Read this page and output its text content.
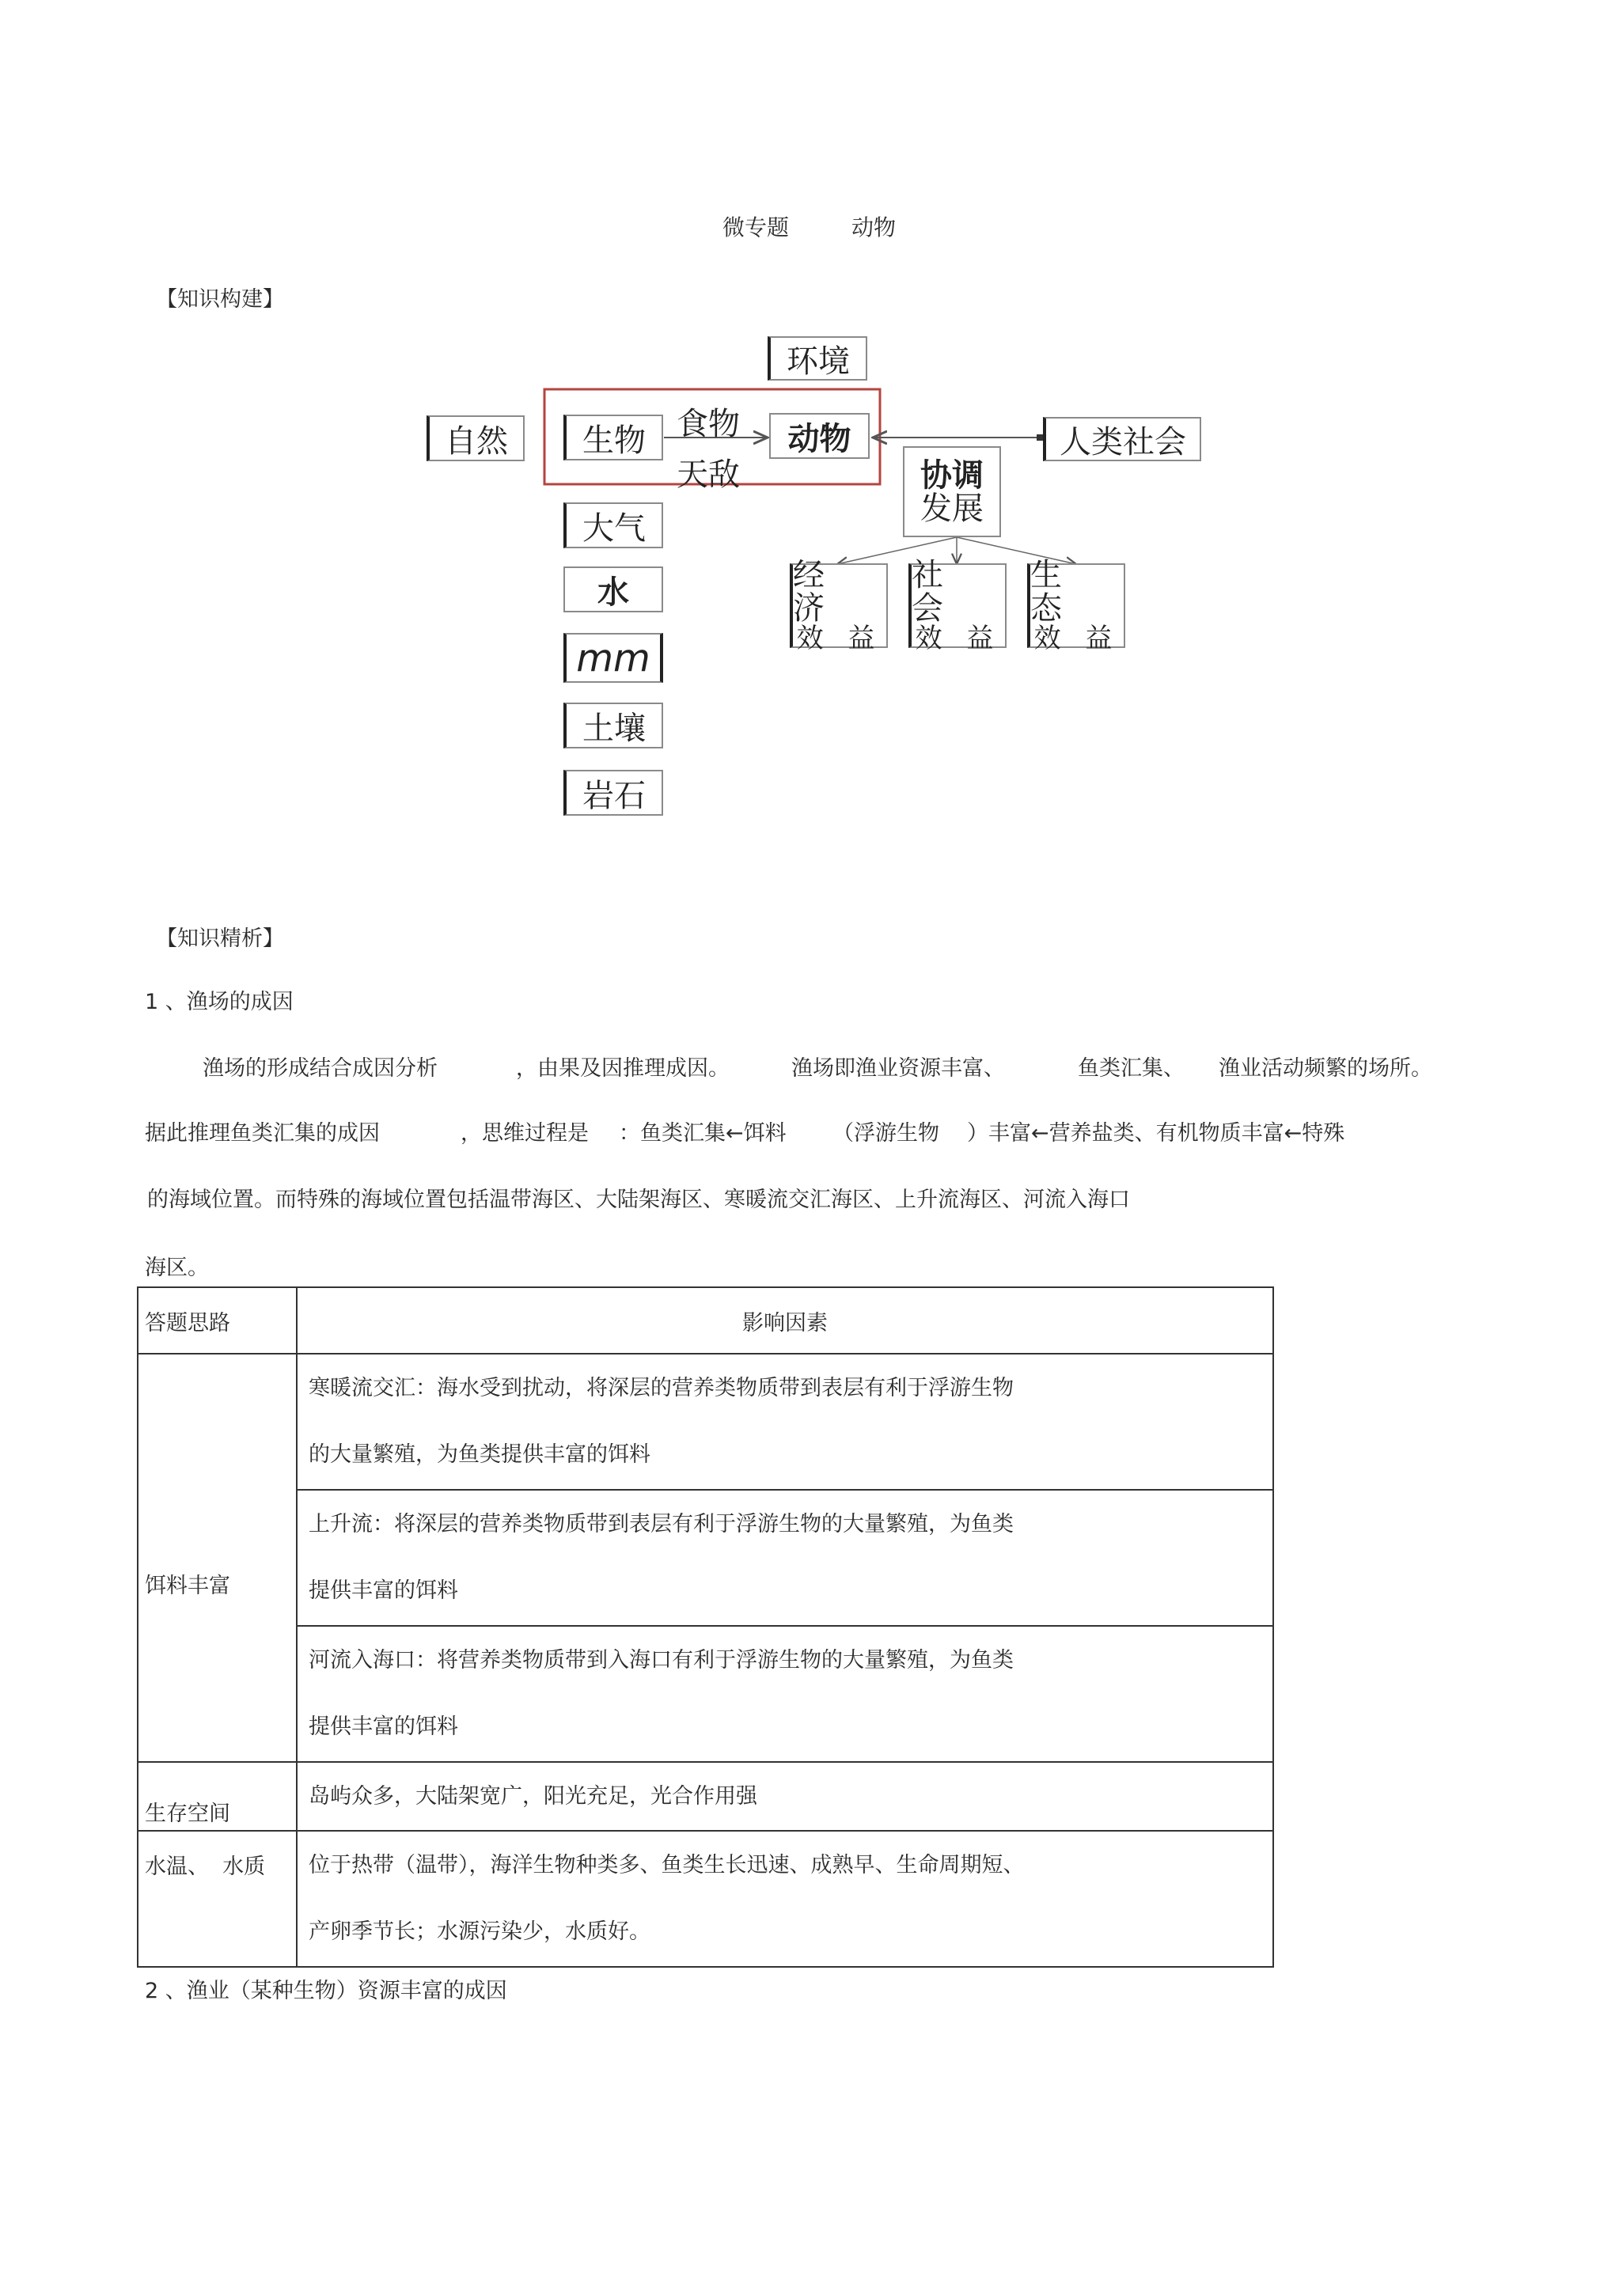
微专题	动物
【知识构建】
自然
环境
生物 食物
天敌
动物	人类社会
协调
发展
大气
水
mm
土壤
岩石
经 济
效 益
社 会
效 益
生 态
效 益
【知识精析】
1 、渔场的成因
渔场的形成结合成因分析	，由果及因推理成因。	渔场即渔业资源丰富、	鱼类汇集、 渔业活动频繁的场所。
据此推理鱼类汇集的成因	，思维过程是 ：鱼类汇集←饵料 （浮游生物 ）丰富←营养盐类、有机物质丰富←特殊
的海域位置。而特殊的海域位置包括温带海区、大陆架海区、寒暖流交汇海区、上升流海区、河流入海口
海区。
答题思路	影响因素
饵料丰富	寒暖流交汇：海水受到扰动，将深层的营养类物质带到表层有利于浮游生物
的大量繁殖，为鱼类提供丰富的饵料

	上升流：将深层的营养类物质带到表层有利于浮游生物的大量繁殖，为鱼类
提供丰富的饵料

	河流入海口：将营养类物质带到入海口有利于浮游生物的大量繁殖，为鱼类
提供丰富的饵料

生存空间	岛屿众多，大陆架宽广，阳光充足，光合作用强
水温、  水质	位于热带（温带），海洋生物种类多、鱼类生长迅速、成熟早、生命周期短、
产卵季节长；水源污染少，水质好。
2 、渔业（某种生物）资源丰富的成因
